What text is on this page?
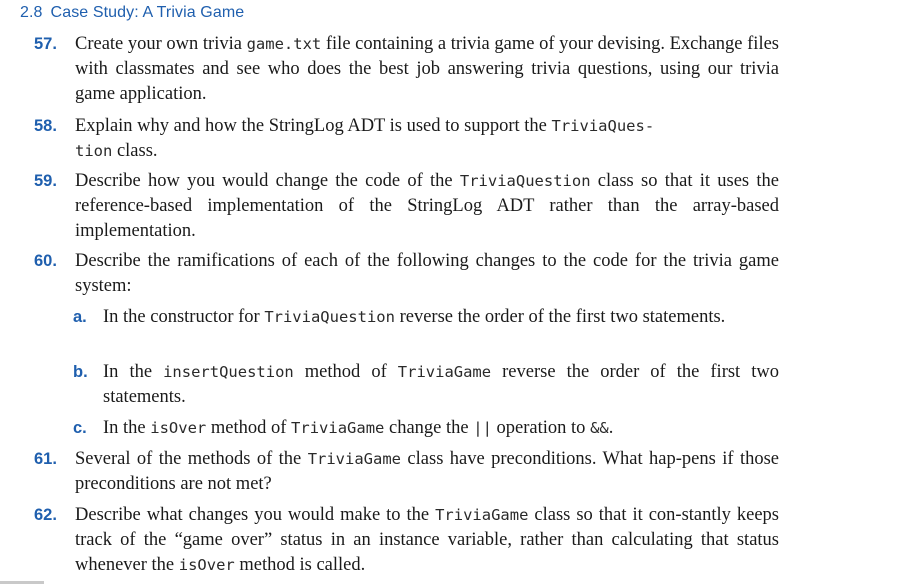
2.8 Case Study: A Trivia Game
57. Create your own trivia game.txt file containing a trivia game of your devising. Exchange files with classmates and see who does the best job answering trivia questions, using our trivia game application.
58. Explain why and how the StringLog ADT is used to support the TriviaQues-
tion class.
59. Describe how you would change the code of the TriviaQuestion class so that it uses the reference-based implementation of the StringLog ADT rather than the array-based implementation.
60. Describe the ramifications of each of the following changes to the code for the trivia game system:
a. In the constructor for TriviaQuestion reverse the order of the first two statements.
b. In the insertQuestion method of TriviaGame reverse the order of the first two statements.
c. In the isOver method of TriviaGame change the || operation to &&.
61. Several of the methods of the TriviaGame class have preconditions. What hap-pens if those preconditions are not met?
62. Describe what changes you would make to the TriviaGame class so that it con-stantly keeps track of the “game over” status in an instance variable, rather than calculating that status whenever the isOver method is called.
